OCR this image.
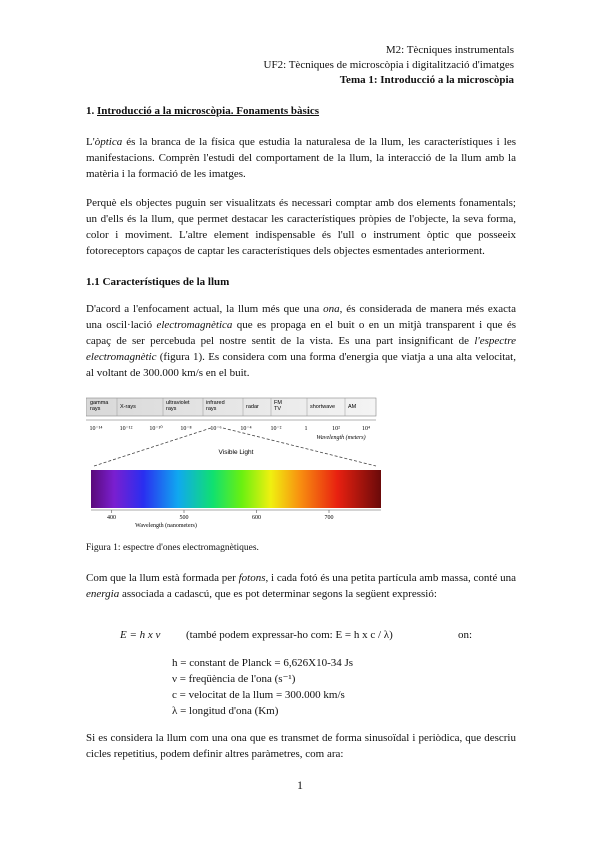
M2: Tècniques instrumentals
UF2: Tècniques de microscòpia i digitalització d'imatges
Tema 1: Introducció a la microscòpia
1. Introducció a la microscòpia. Fonaments bàsics
L'òptica és la branca de la física que estudia la naturalesa de la llum, les característiques i les manifestacions. Comprèn l'estudi del comportament de la llum, la interacció de la llum amb la matèria i la formació de les imatges.
Perquè els objectes puguin ser visualitzats és necessari comptar amb dos elements fonamentals; un d'ells és la llum, que permet destacar les característiques pròpies de l'objecte, la seva forma, color i moviment. L'altre element indispensable és l'ull o instrument òptic que posseeix fotoreceptors capaços de captar les característiques dels objectes esmentades anteriorment.
1.1 Característiques de la llum
D'acord a l'enfocament actual, la llum més que una ona, és considerada de manera més exacta una oscil·lació electromagnètica que es propaga en el buit o en un mitjà transparent i que és capaç de ser percebuda pel nostre sentit de la vista. Es una part insignificant de l'espectre electromagnètic (figura 1). Es considera com una forma d'energia que viatja a una alta velocitat, al voltant de 300.000 km/s en el buit.
gamma rays	X-rays
ultraviolet rays
infrared rays	radar
FM TV	shortwave AM
10⁻¹⁴	10⁻¹²	10⁻¹⁰	10⁻⁸	10⁻⁶	10⁻⁴	10⁻²	1	10²	10⁴
Wavelength (meters)
Visible Light
400	500	600	700
Wavelength (nanometers)
Figura 1: espectre d'ones electromagnètiques.
Com que la llum està formada per fotons, i cada fotó és una petita partícula amb massa, conté una energia associada a cadascú, que es pot determinar segons la següent expressió:
E = h x ν (també podem expressar-ho com: E = h x c / λ)	on:
h = constant de Planck = 6,626X10-34 Js
ν = freqüència de l'ona (s⁻¹)
c = velocitat de la llum = 300.000 km/s
λ = longitud d'ona (Km)
Si es considera la llum com una ona que es transmet de forma sinusoïdal i periòdica, que descriu cicles repetitius, podem definir altres paràmetres, com ara:
1
